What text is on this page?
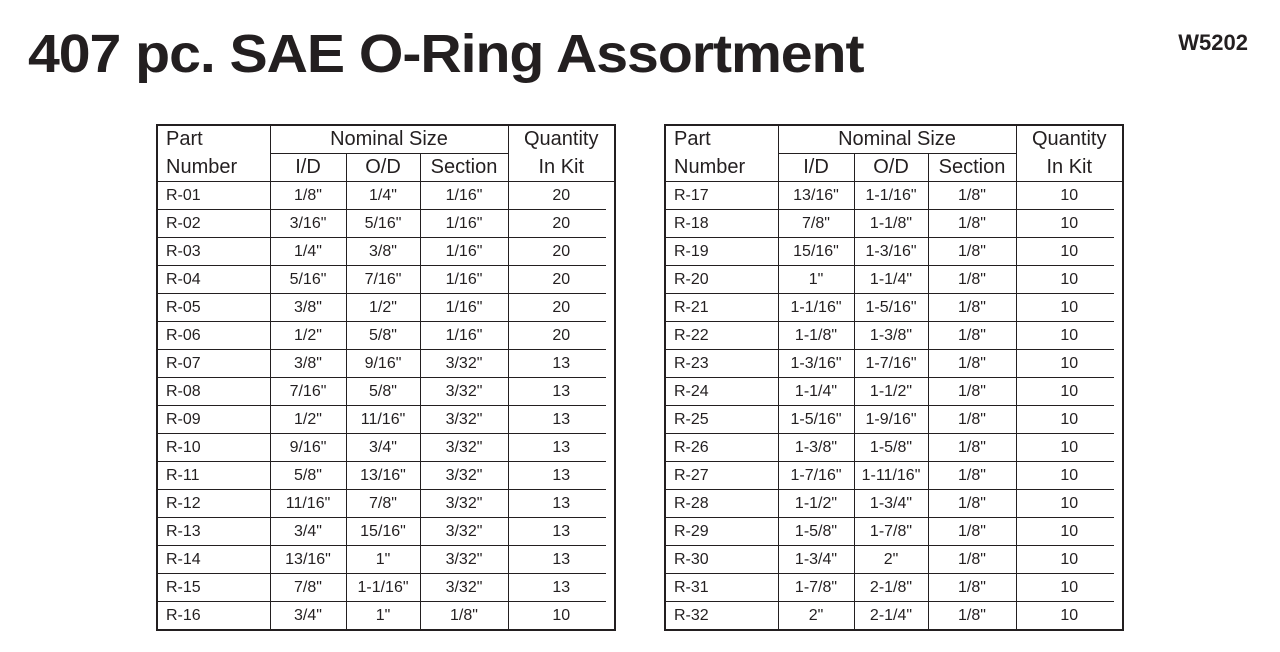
407 pc. SAE O-Ring Assortment	W5202
Part	Nominal Size			Quantity
Number	I/D	O/D	Section	In Kit
R-01	1/8"	1/4"	1/16"	20
R-02	3/16"	5/16"	1/16"	20
R-03	1/4"	3/8"	1/16"	20
R-04	5/16"	7/16"	1/16"	20
R-05	3/8"	1/2"	1/16"	20
R-06	1/2"	5/8"	1/16"	20
R-07	3/8"	9/16"	3/32"	13
R-08	7/16"	5/8"	3/32"	13
R-09	1/2"	11/16"	3/32"	13
R-10	9/16"	3/4"	3/32"	13
R-11	5/8"	13/16"	3/32"	13
R-12	11/16"	7/8"	3/32"	13
R-13	3/4"	15/16"	3/32"	13
R-14	13/16"	1"	3/32"	13
R-15	7/8"	1-1/16"	3/32"	13
R-16	3/4"	1"	1/8"	10
Part	Nominal Size			Quantity
Number	I/D	O/D	Section	In Kit
R-17	13/16"	1-1/16"	1/8"	10
R-18	7/8"	1-1/8"	1/8"	10
R-19	15/16"	1-3/16"	1/8"	10
R-20	1"	1-1/4"	1/8"	10
R-21	1-1/16"	1-5/16"	1/8"	10
R-22	1-1/8"	1-3/8"	1/8"	10
R-23	1-3/16"	1-7/16"	1/8"	10
R-24	1-1/4"	1-1/2"	1/8"	10
R-25	1-5/16"	1-9/16"	1/8"	10
R-26	1-3/8"	1-5/8"	1/8"	10
R-27	1-7/16"	1-11/16"	1/8"	10
R-28	1-1/2"	1-3/4"	1/8"	10
R-29	1-5/8"	1-7/8"	1/8"	10
R-30	1-3/4"	2"	1/8"	10
R-31	1-7/8"	2-1/8"	1/8"	10
R-32	2"	2-1/4"	1/8"	10
